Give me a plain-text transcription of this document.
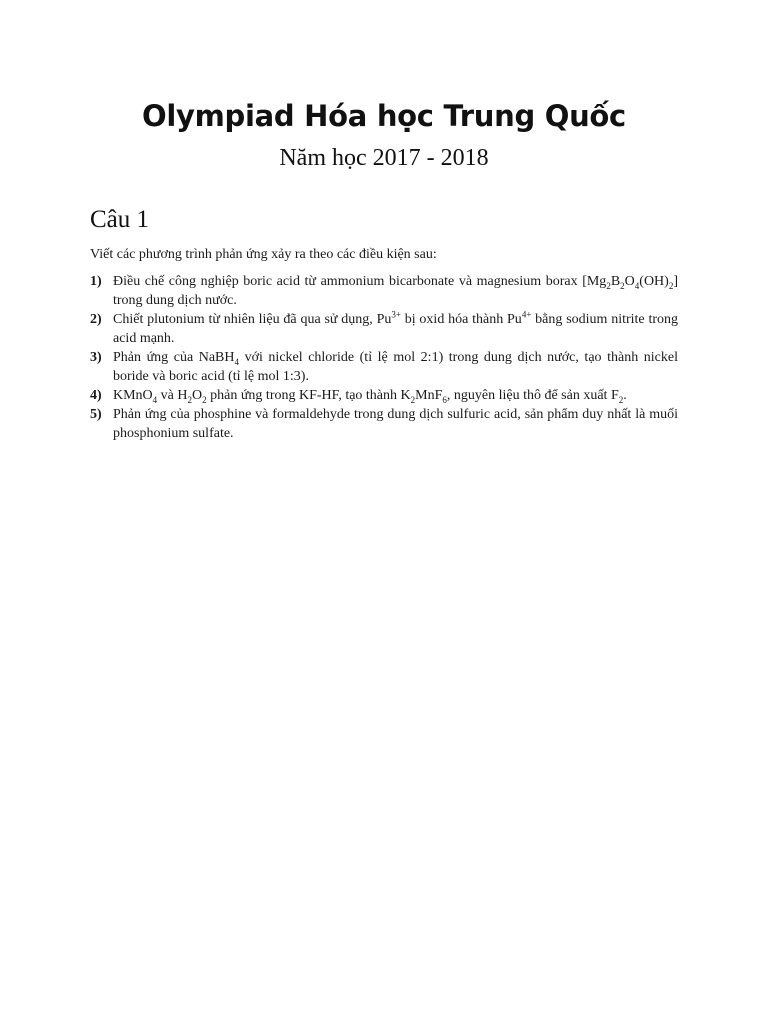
Olympiad Hóa học Trung Quốc
Năm học 2017 - 2018
Câu 1

Viết các phương trình phản ứng xảy ra theo các điều kiện sau:

1) Điều chế công nghiệp boric acid từ ammonium bicarbonate và magnesium borax $[Mg_2B_2O_4(OH)_2]$ trong dung dịch nước.
2) Chiết plutonium từ nhiên liệu đã qua sử dụng, $Pu^{3+}$ bị oxid hóa thành $Pu^{4+}$ bằng sodium nitrite trong acid mạnh.
3) Phản ứng của NaBH$_4$ với nickel chloride (tỉ lệ mol 2:1) trong dung dịch nước, tạo thành nickel boride và boric acid (tỉ lệ mol 1:3).
4) KMnO$_4$ và $H_2O_2$ phản ứng trong KF-HF, tạo thành $K_2MnF_6$, nguyên liệu thô để sản xuất $F_2$.
5) Phản ứng của phosphine và formaldehyde trong dung dịch sulfuric acid, sản phẩm duy nhất là muối phosphonium sulfate.
